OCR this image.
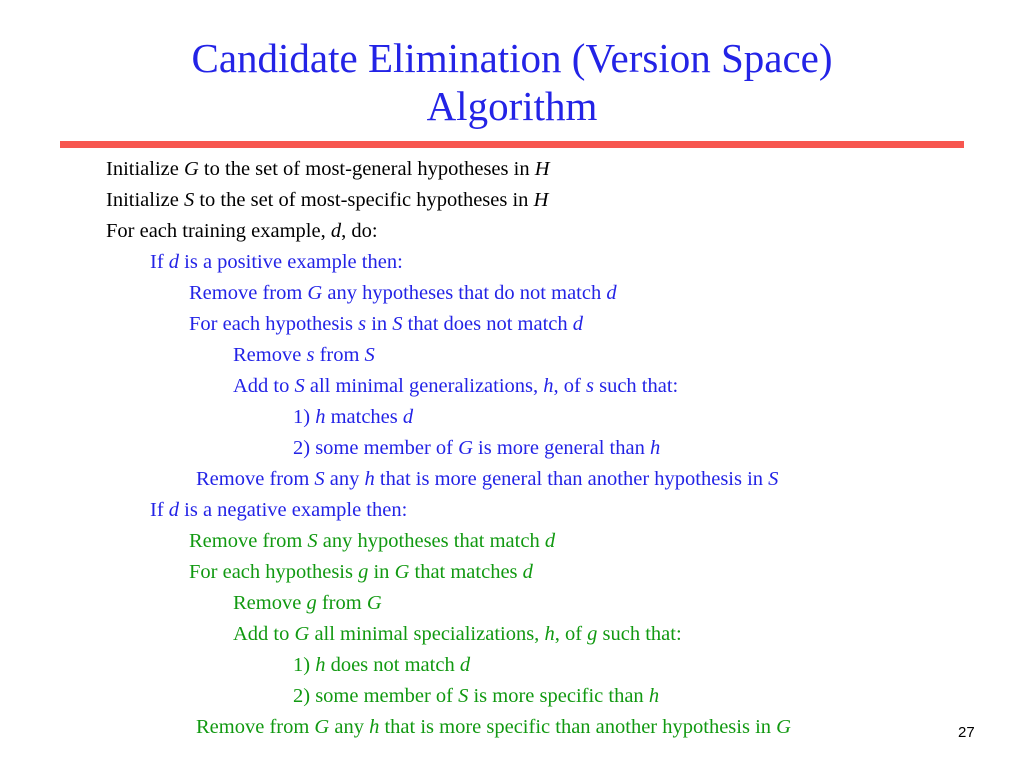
Candidate Elimination (Version Space)
Algorithm
Initialize G to the set of most-general hypotheses in H
Initialize S to the set of most-specific hypotheses in H
For each training example, d, do:
If d is a positive example then:
Remove from G any hypotheses that do not match d
For each hypothesis s in S that does not match d
Remove s from S
Add to S all minimal generalizations, h, of s such that:
1) h matches d
2) some member of G is more general than h
Remove from S any h that is more general than another hypothesis in S
If d is a negative example then:
Remove from S any hypotheses that match d
For each hypothesis g in G that matches d
Remove g from G
Add to G all minimal specializations, h, of g such that:
1) h does not match d
2) some member of S is more specific than h
Remove from G any h that is more specific than another hypothesis in G	27
